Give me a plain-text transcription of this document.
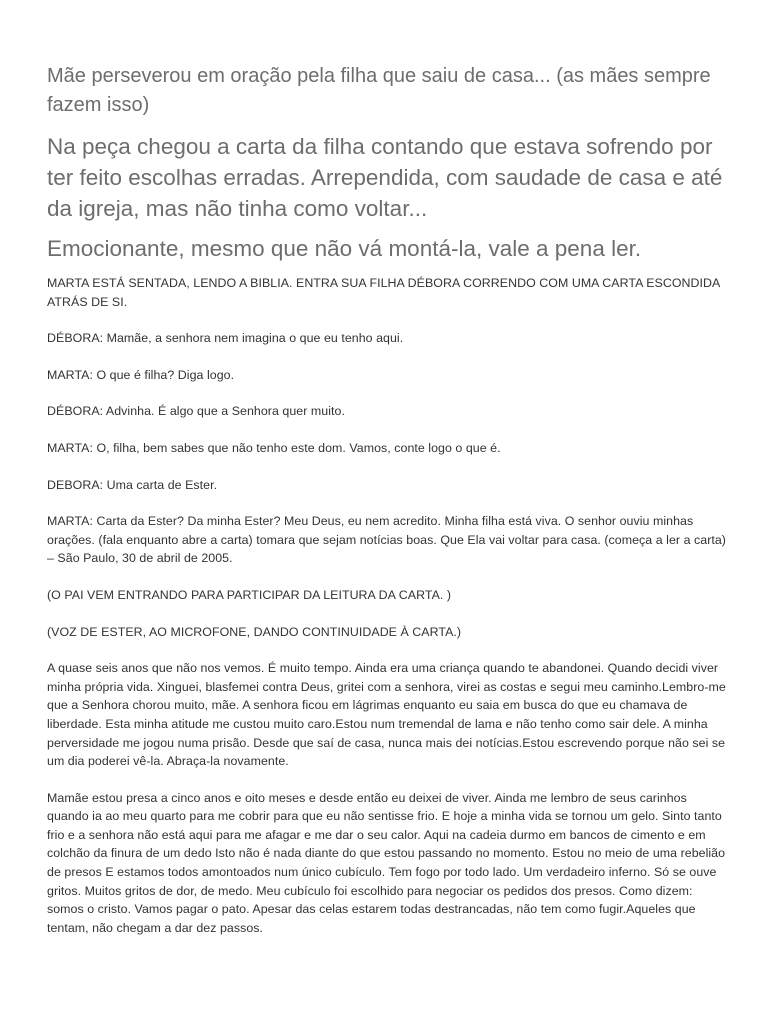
Mãe perseverou em oração pela filha que saiu de casa... (as mães sempre fazem isso)

Na peça chegou a carta da filha contando que estava sofrendo por ter feito escolhas erradas. Arrependida, com saudade de casa e até da igreja, mas não tinha como voltar...

Emocionante, mesmo que não vá montá-la, vale a pena ler.

MARTA ESTÁ SENTADA, LENDO A BIBLIA. ENTRA SUA FILHA DÉBORA CORRENDO COM UMA CARTA ESCONDIDA ATRÁS DE SI.

DÉBORA: Mamãe, a senhora nem imagina o que eu tenho aqui.

MARTA: O que é filha? Diga logo.

DÉBORA: Advinha. É algo que a Senhora quer muito.

MARTA: O, filha, bem sabes que não tenho este dom. Vamos, conte logo o que é.

DEBORA: Uma carta de Ester.

MARTA: Carta da Ester? Da minha Ester? Meu Deus, eu nem acredito. Minha filha está viva. O senhor ouviu minhas orações. (fala enquanto abre a carta) tomara que sejam notícias boas. Que Ela vai voltar para casa. (começa a ler a carta) – São Paulo, 30 de abril de 2005.

(O PAI VEM ENTRANDO PARA PARTICIPAR DA LEITURA DA CARTA. )

(VOZ DE ESTER, AO MICROFONE, DANDO CONTINUIDADE À CARTA.)

A quase seis anos que não nos vemos. É muito tempo. Ainda era uma criança quando te abandonei. Quando decidi viver minha própria vida. Xinguei, blasfemei contra Deus, gritei com a senhora, virei as costas e segui meu caminho.Lembro-me que a Senhora chorou muito, mãe. A senhora ficou em lágrimas enquanto eu saia em busca do que eu chamava de liberdade. Esta minha atitude me custou muito caro.Estou num tremendal de lama e não tenho como sair dele. A minha perversidade me jogou numa prisão. Desde que saí de casa, nunca mais dei notícias.Estou escrevendo porque não sei se um dia poderei vê-la. Abraça-la novamente.

Mamãe estou presa a cinco anos e oito meses e desde então eu deixei de viver. Ainda me lembro de seus carinhos quando ia ao meu quarto para me cobrir para que eu não sentisse frio. E hoje a minha vida se tornou um gelo. Sinto tanto frio e a senhora não está aqui para me afagar e me dar o seu calor. Aqui na cadeia durmo em bancos de cimento e em colchão da finura de um dedo Isto não é nada diante do que estou passando no momento. Estou no meio de uma rebelião de presos E estamos todos amontoados num único cubículo. Tem fogo por todo lado. Um verdadeiro inferno. Só se ouve gritos. Muitos gritos de dor, de medo. Meu cubículo foi escolhido para negociar os pedidos dos presos. Como dizem: somos o cristo. Vamos pagar o pato. Apesar das celas estarem todas destrancadas, não tem como fugir.Aqueles que tentam, não chegam a dar dez passos.
